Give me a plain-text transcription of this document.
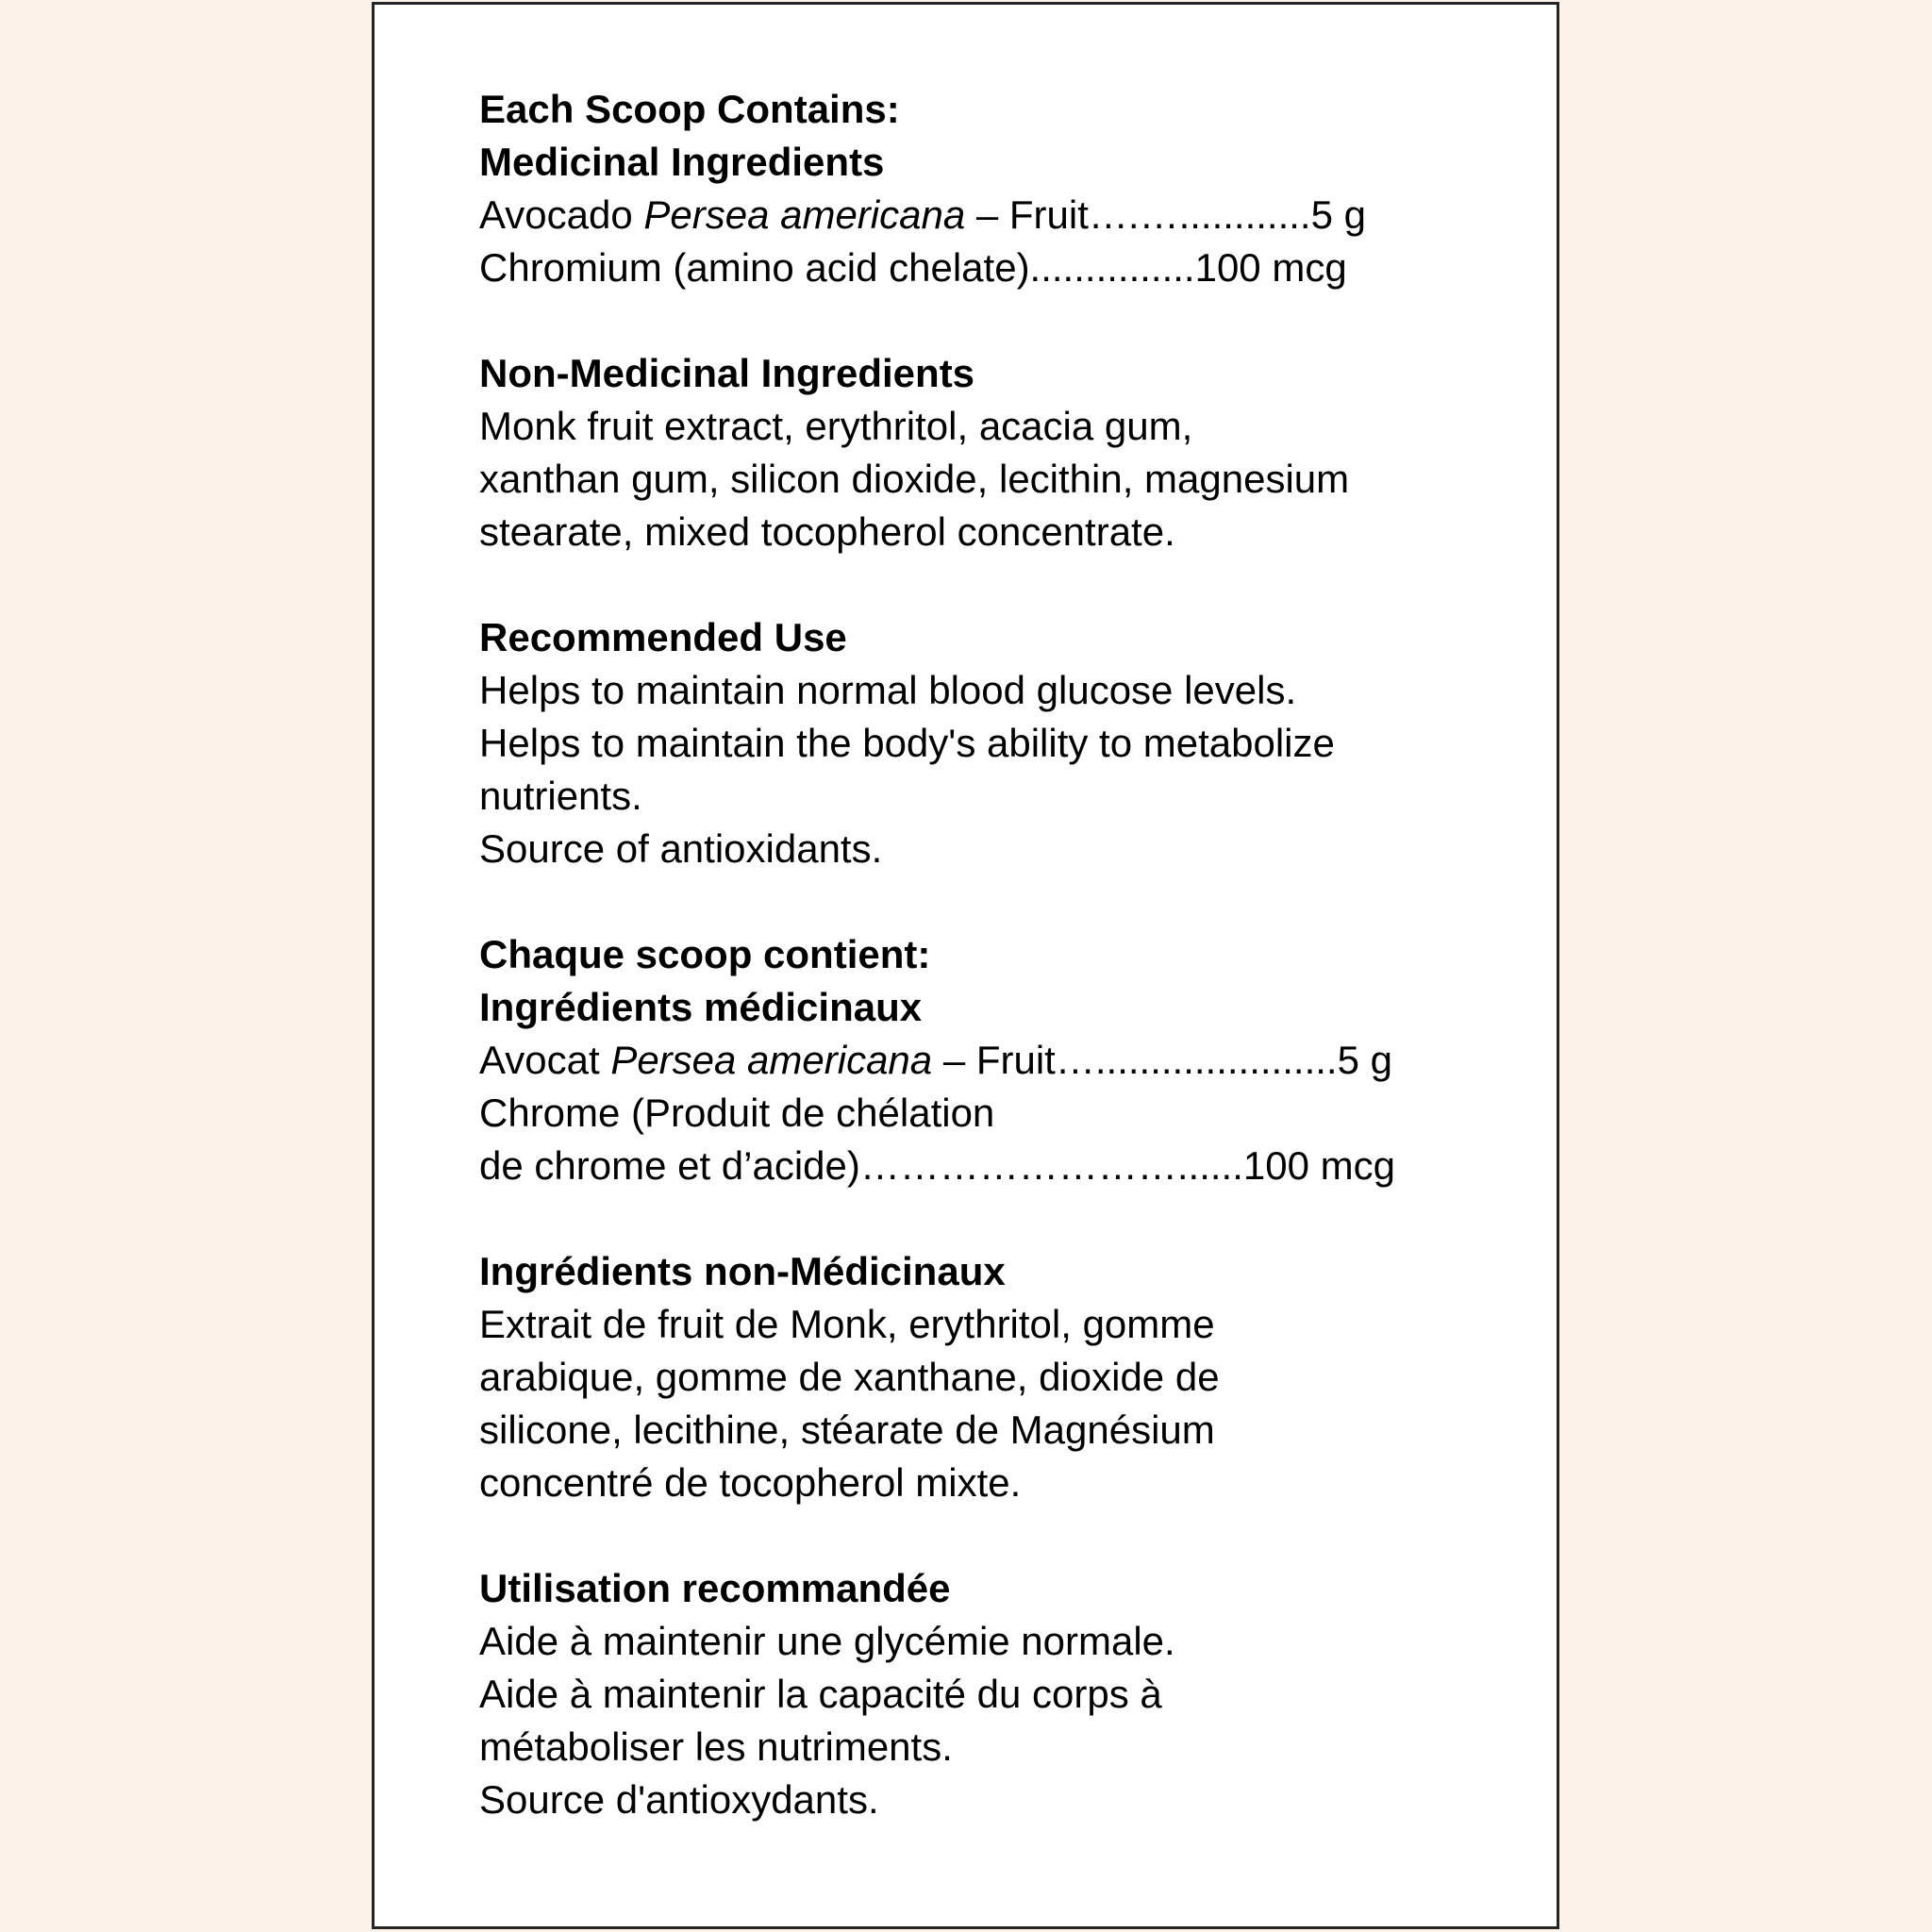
Each Scoop Contains:
Medicinal Ingredients
Avocado Persea americana – Fruit….…............5 g
Chromium (amino acid chelate)...............100 mcg
Non-Medicinal Ingredients
Monk fruit extract, erythritol, acacia gum,
xanthan gum, silicon dioxide, lecithin, magnesium
stearate, mixed tocopherol concentrate.
Recommended Use
Helps to maintain normal blood glucose levels.
Helps to maintain the body's ability to metabolize
nutrients.
Source of antioxidants.
Chaque scoop contient:
Ingrédients médicinaux
Avocat Persea americana – Fruit…......................5 g
Chrome (Produit de chélation
de chrome et d’acide)……………………......100 mcg
Ingrédients non-Médicinaux
Extrait de fruit de Monk, erythritol, gomme
arabique, gomme de xanthane, dioxide de
silicone, lecithine, stéarate de Magnésium
concentré de tocopherol mixte.
Utilisation recommandée
Aide à maintenir une glycémie normale.
Aide à maintenir la capacité du corps à
métaboliser les nutriments.
Source d'antioxydants.
